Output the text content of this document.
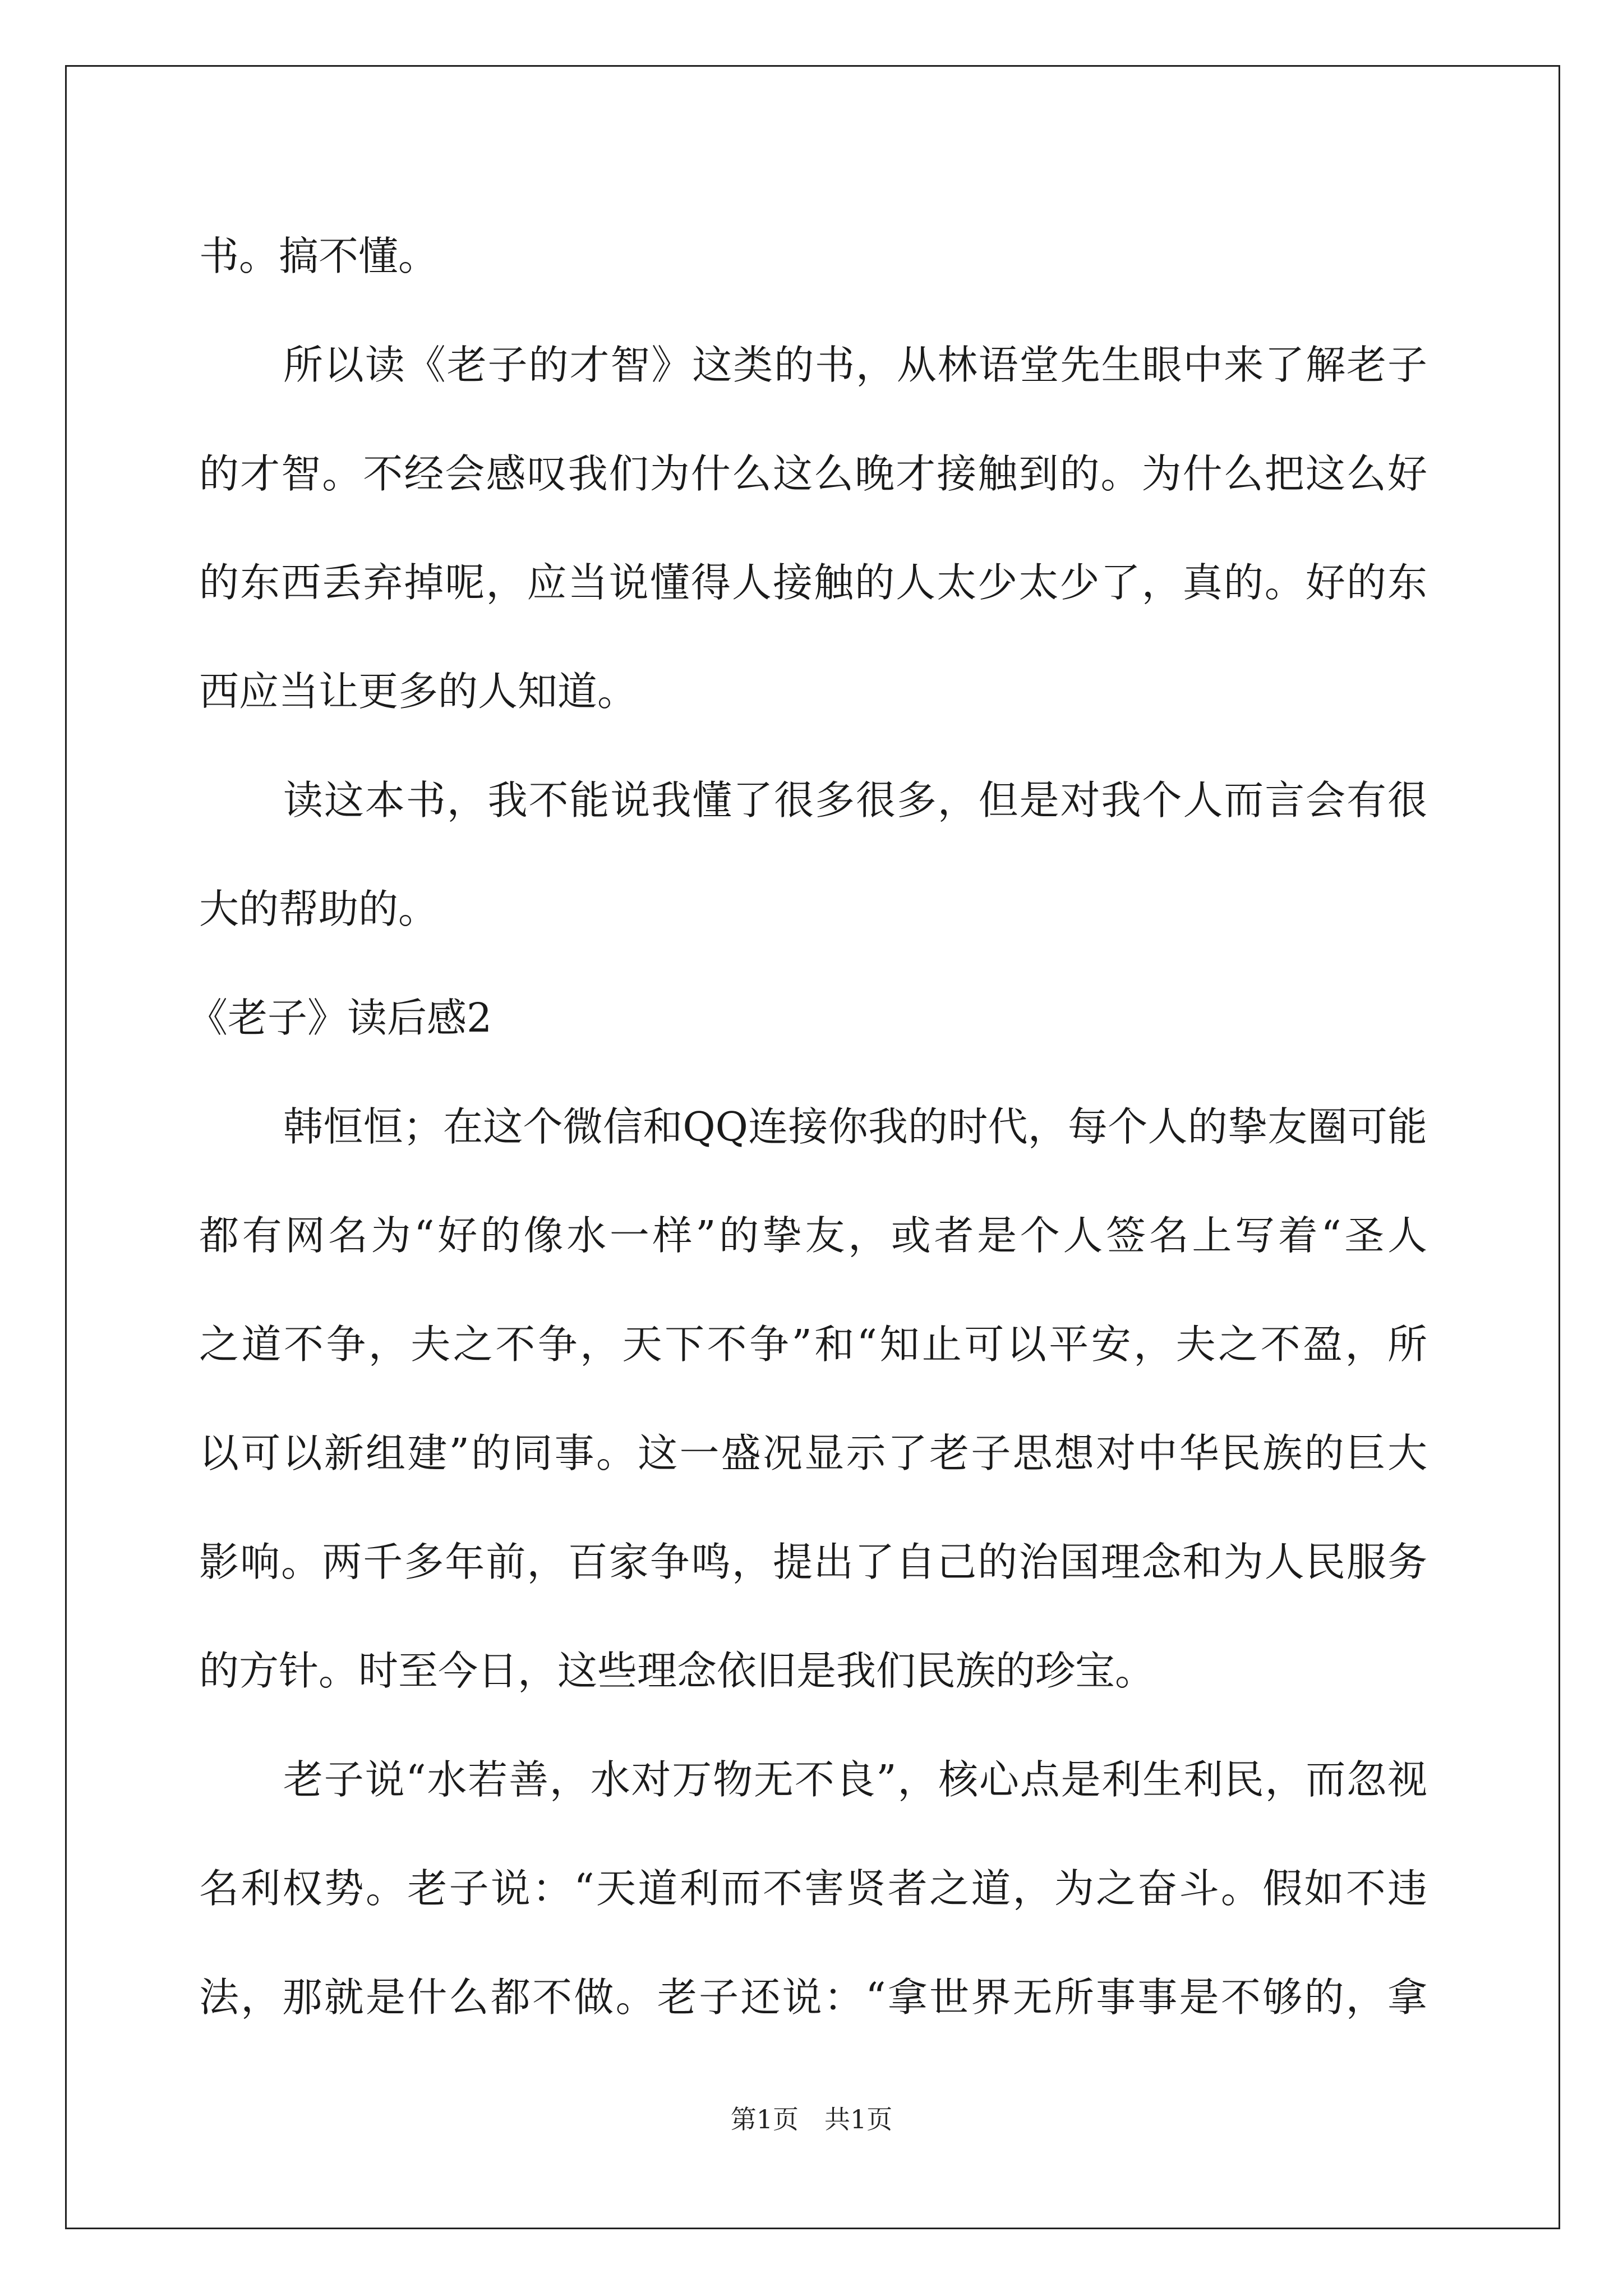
书。搞不懂。
所以读《老子的才智》这类的书，从林语堂先生眼中来了解老子
的才智。不经会感叹我们为什么这么晚才接触到的。为什么把这么好
的东西丢弃掉呢，应当说懂得人接触的人太少太少了，真的。好的东
西应当让更多的人知道。
读这本书，我不能说我懂了很多很多，但是对我个人而言会有很
大的帮助的。
《老子》读后感2
韩恒恒；在这个微信和QQ连接你我的时代，每个人的挚友圈可能
都有网名为“好的像水一样”的挚友，或者是个人签名上写着“圣人
之道不争，夫之不争，天下不争”和“知止可以平安，夫之不盈，所
以可以新组建”的同事。这一盛况显示了老子思想对中华民族的巨大
影响。两千多年前，百家争鸣，提出了自己的治国理念和为人民服务
的方针。时至今日，这些理念依旧是我们民族的珍宝。
老子说“水若善，水对万物无不良”，核心点是利生利民，而忽视
名利权势。老子说：“天道利而不害贤者之道，为之奋斗。假如不违
法，那就是什么都不做。老子还说：“拿世界无所事事是不够的，拿
第1页　共1页
